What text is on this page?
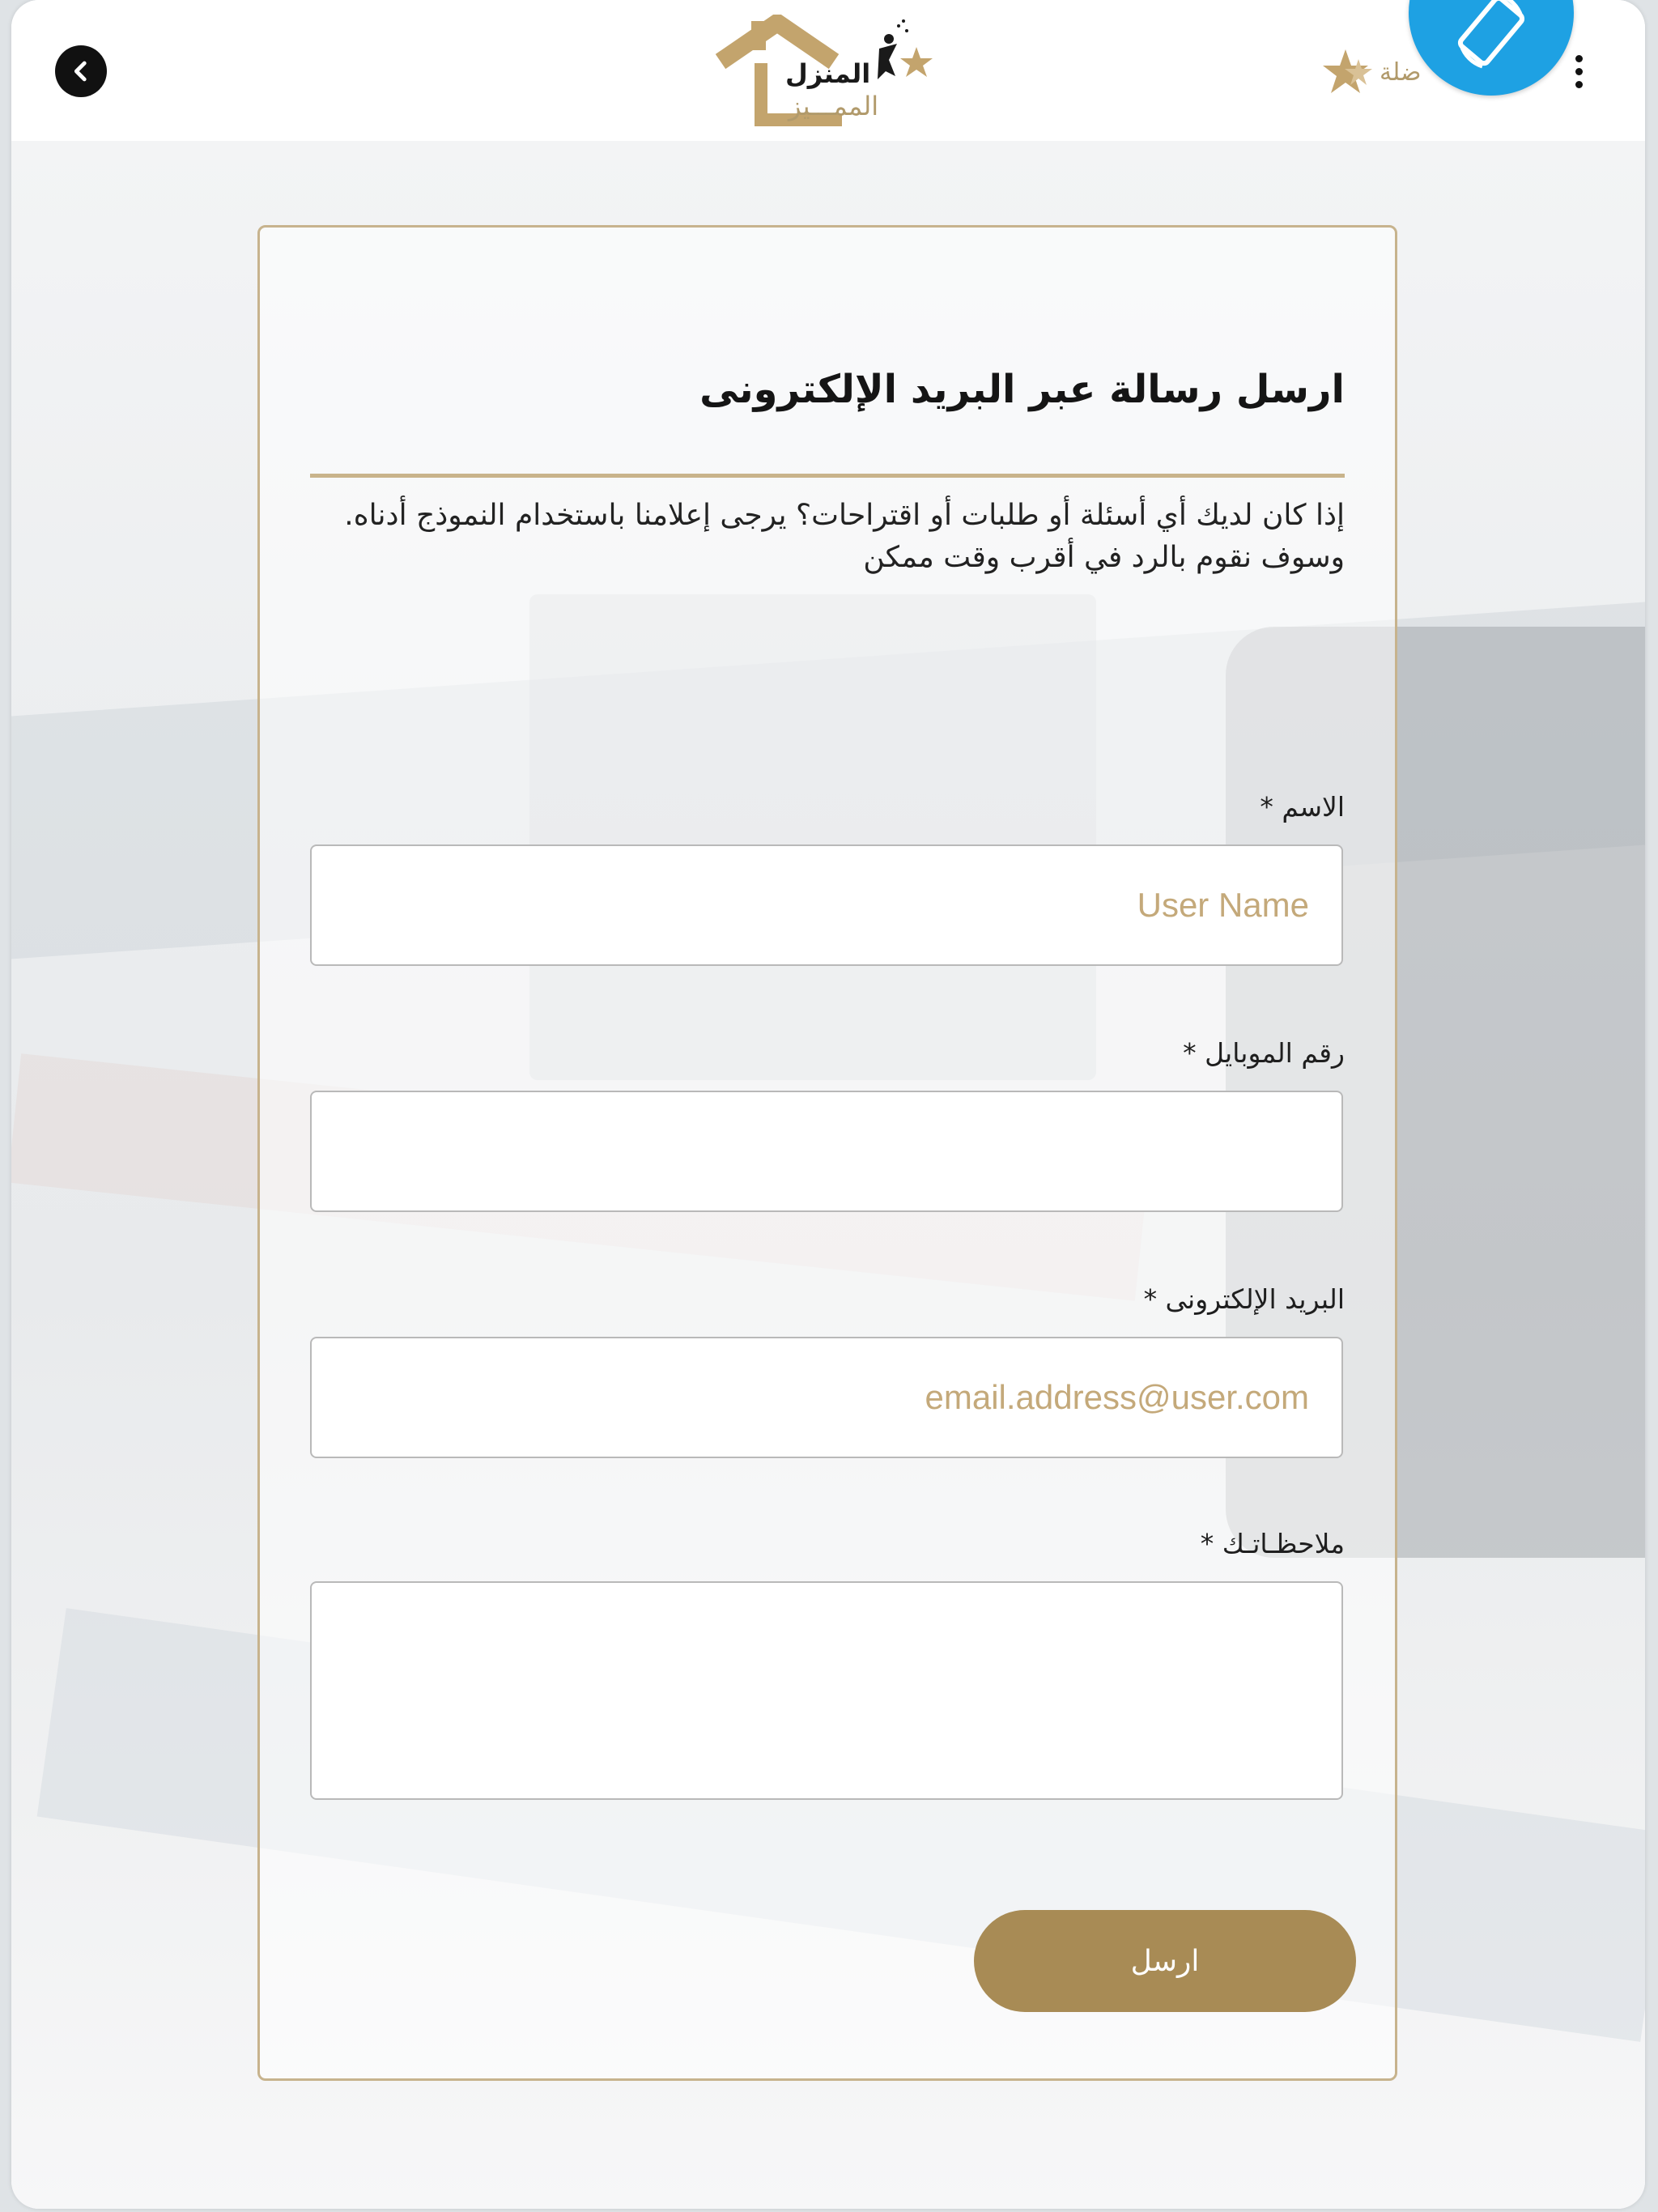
المنزل
الممـــيز
ضلة
ارسل رسالة عبر البريد الإلكترونى
إذا كان لديك أي أسئلة أو طلبات أو اقتراحات؟ يرجى إعلامنا باستخدام النموذج أدناه. وسوف نقوم بالرد في أقرب وقت ممكن
الاسم *
User Name
رقم الموبايل *
البريد الإلكترونى *
email.address@user.com
ملاحظـاتـك *
ارسل
